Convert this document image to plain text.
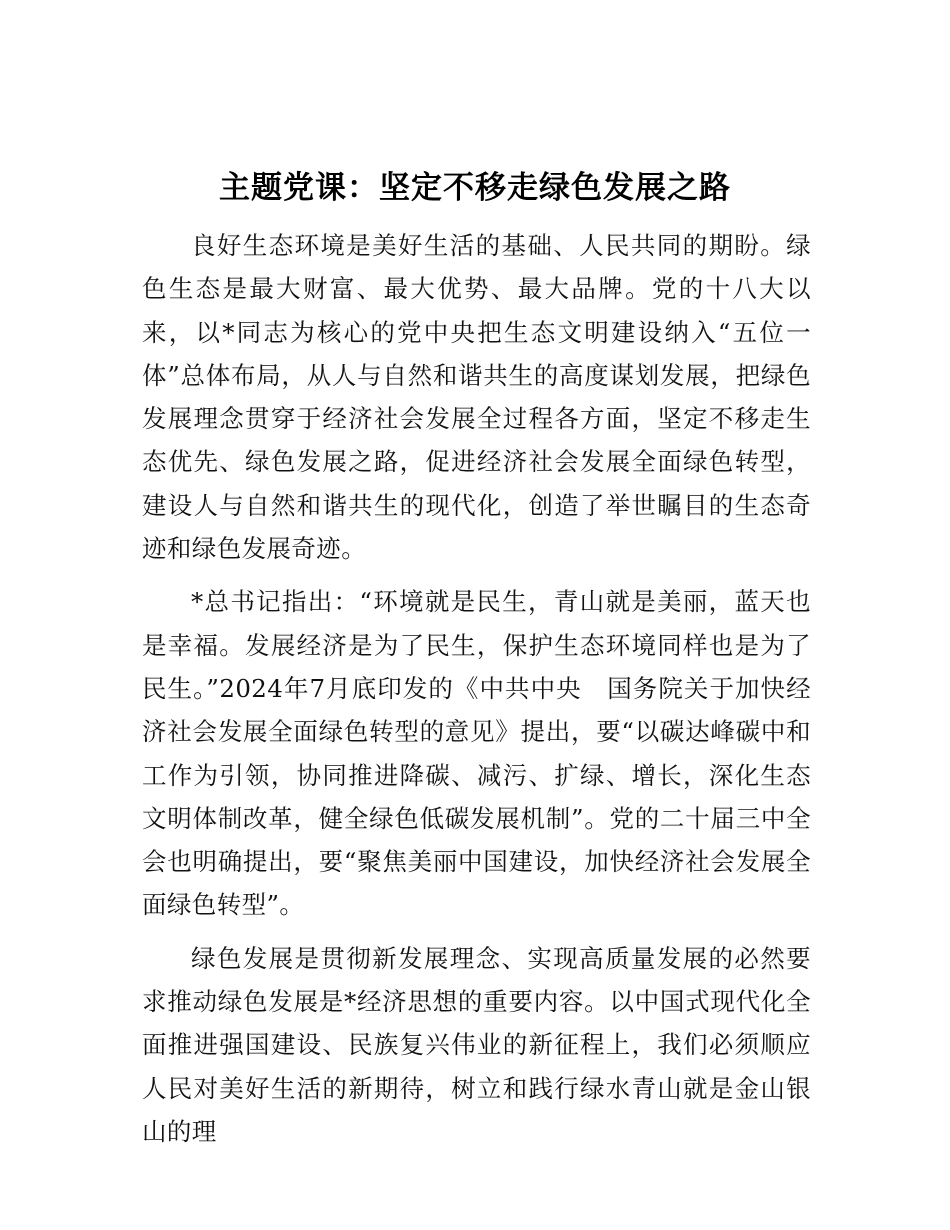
主题党课：坚定不移走绿色发展之路

良好生态环境是美好生活的基础、人民共同的期盼。绿色生态是最大财富、最大优势、最大品牌。党的十八大以来，以*同志为核心的党中央把生态文明建设纳入“五位一体”总体布局，从人与自然和谐共生的高度谋划发展，把绿色发展理念贯穿于经济社会发展全过程各方面，坚定不移走生态优先、绿色发展之路，促进经济社会发展全面绿色转型，建设人与自然和谐共生的现代化，创造了举世瞩目的生态奇迹和绿色发展奇迹。

*总书记指出：“环境就是民生，青山就是美丽，蓝天也是幸福。发展经济是为了民生，保护生态环境同样也是为了民生。”2024年7月底印发的《中共中央　国务院关于加快经济社会发展全面绿色转型的意见》提出，要“以碳达峰碳中和工作为引领，协同推进降碳、减污、扩绿、增长，深化生态文明体制改革，健全绿色低碳发展机制”。党的二十届三中全会也明确提出，要“聚焦美丽中国建设，加快经济社会发展全面绿色转型”。

绿色发展是贯彻新发展理念、实现高质量发展的必然要求推动绿色发展是*经济思想的重要内容。以中国式现代化全面推进强国建设、民族复兴伟业的新征程上，我们必须顺应人民对美好生活的新期待，树立和践行绿水青山就是金山银山的理
